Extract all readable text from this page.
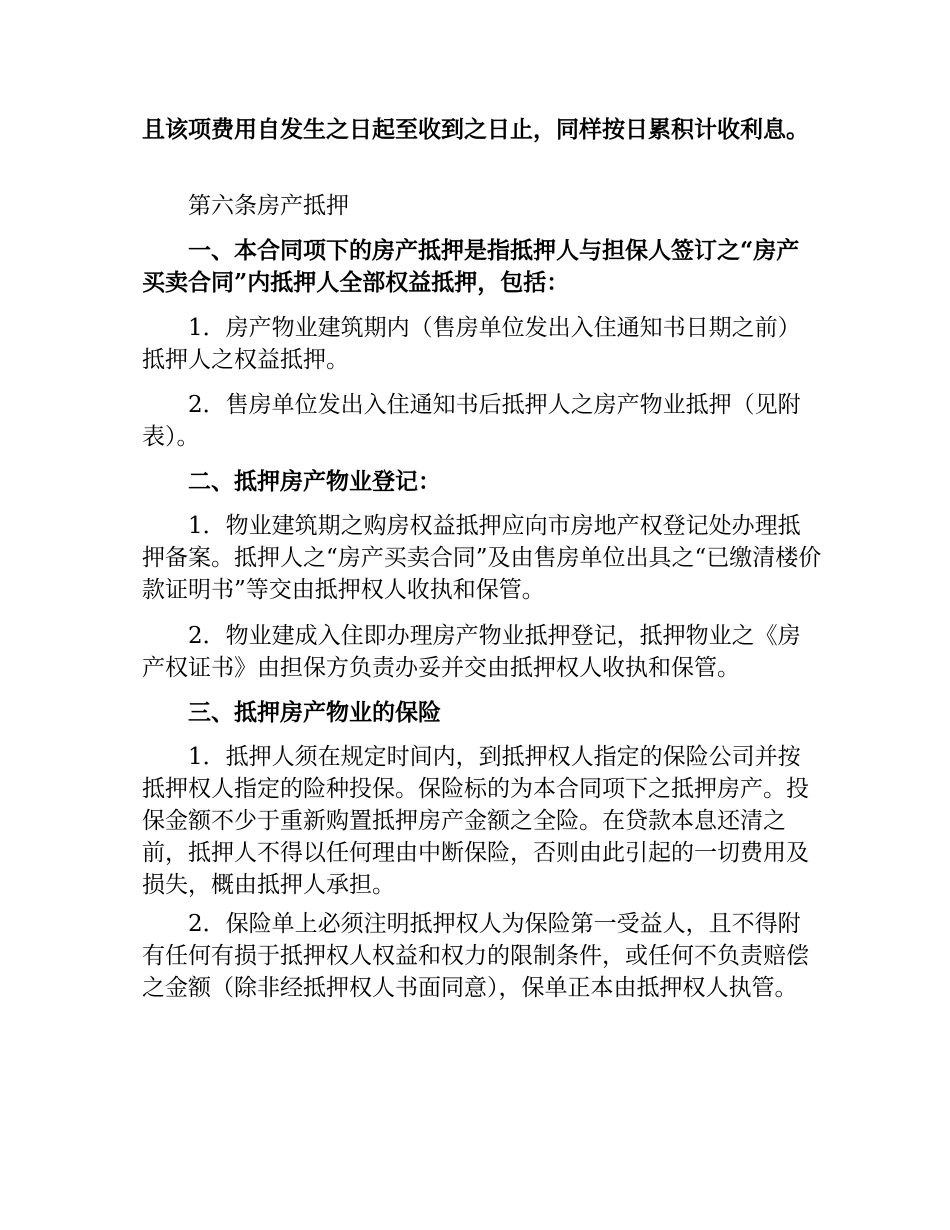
且该项费用自发生之日起至收到之日止，同样按日累积计收利息。

第六条房产抵押

一、本合同项下的房产抵押是指抵押人与担保人签订之“房产买卖合同”内抵押人全部权益抵押，包括：

1．房产物业建筑期内（售房单位发出入住通知书日期之前）抵押人之权益抵押。

2．售房单位发出入住通知书后抵押人之房产物业抵押（见附表）。

二、抵押房产物业登记：

1．物业建筑期之购房权益抵押应向市房地产权登记处办理抵押备案。抵押人之“房产买卖合同”及由售房单位出具之“已缴清楼价款证明书”等交由抵押权人收执和保管。

2．物业建成入住即办理房产物业抵押登记，抵押物业之《房产权证书》由担保方负责办妥并交由抵押权人收执和保管。

三、抵押房产物业的保险

1．抵押人须在规定时间内，到抵押权人指定的保险公司并按抵押权人指定的险种投保。保险标的为本合同项下之抵押房产。投保金额不少于重新购置抵押房产金额之全险。在贷款本息还清之前，抵押人不得以任何理由中断保险，否则由此引起的一切费用及损失，概由抵押人承担。

2．保险单上必须注明抵押权人为保险第一受益人，且不得附有任何有损于抵押权人权益和权力的限制条件，或任何不负责赔偿之金额（除非经抵押权人书面同意），保单正本由抵押权人执管。
